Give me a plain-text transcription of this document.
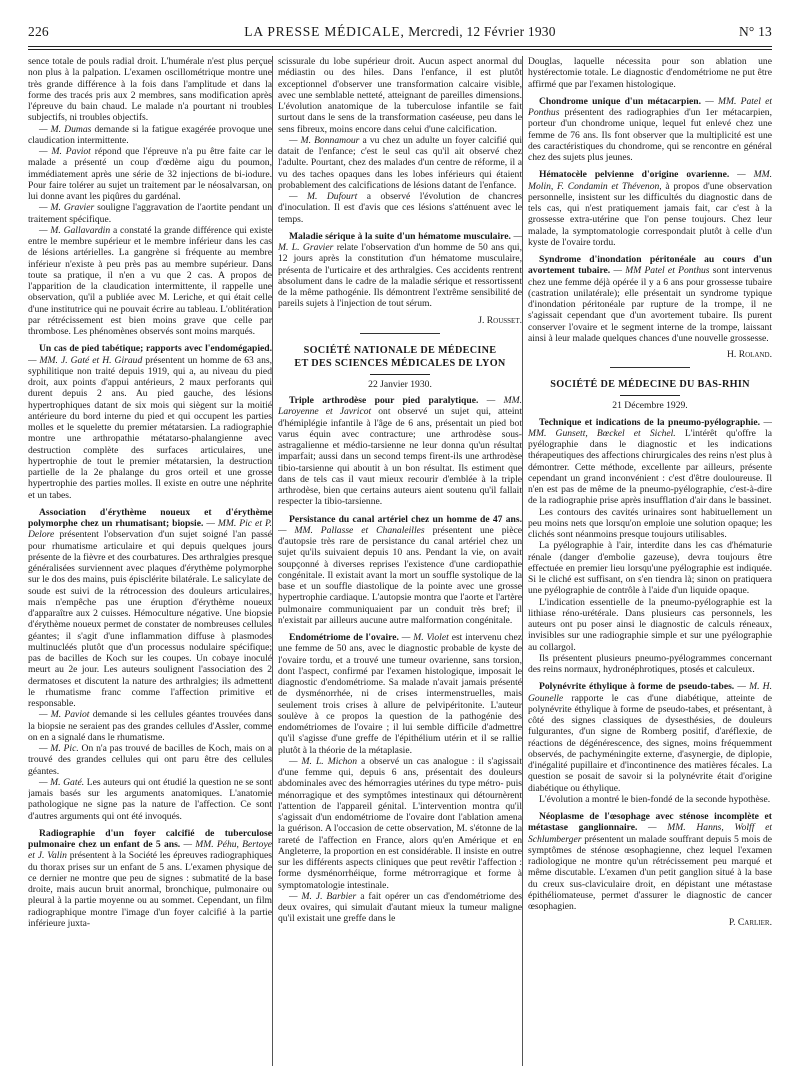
226	LA PRESSE MÉDICALE, Mercredi, 12 Février 1930	N° 13

sence totale de pouls radial droit. L'humérale n'est plus perçue non plus à la palpation. L'examen oscillométrique montre une très grande différence à la fois dans l'amplitude et dans la forme des tracés pris aux 2 membres, sans modification après l'épreuve du bain chaud. Le malade n'a pourtant ni troubles subjectifs, ni troubles objectifs.

— M. Dumas demande si la fatigue exagérée provoque une claudication intermittente.

— M. Paviot répond que l'épreuve n'a pu être faite car le malade a présenté un coup d'œdème aigu du poumon, immédiatement après une série de 32 injections de bi-iodure. Pour faire tolérer au sujet un traitement par le néosalvarsan, on lui donne avant les piqûres du gardénal.

— M. Gravier souligne l'aggravation de l'aortite pendant un traitement spécifique.

— M. Gallavardin a constaté la grande différence qui existe entre le membre supérieur et le membre inférieur dans les cas de lésions artérielles. La gangrène si fréquente au membre inférieur n'existe à peu près pas au membre supérieur. Dans toute sa pratique, il n'en a vu que 2 cas. A propos de l'apparition de la claudication intermittente, il rappelle une observation, qu'il a publiée avec M. Leriche, et qui était celle d'une institutrice qui ne pouvait écrire au tableau. L'oblitération par rétrécissement est bien moins grave que celle par thrombose. Les phénomènes observés sont moins marqués.

Un cas de pied tabétique; rapports avec l'endomégapied. — MM. J. Gaté et H. Giraud présentent un homme de 63 ans, syphilitique non traité depuis 1919, qui a, au niveau du pied droit, aux points d'appui antérieurs, 2 maux perforants qui durent depuis 2 ans. Au pied gauche, des lésions hypertrophiques datant de six mois qui siègent sur la moitié antérieure du bord interne du pied et qui occupent les parties molles et le squelette du premier métatarsien. La radiographie montre une arthropathie métatarso-phalangienne avec destruction complète des surfaces articulaires, une hypertrophie de tout le premier métatarsien, la destruction partielle de la 2e phalange du gros orteil et une grosse hypertrophie des parties molles. Il existe en outre une néphrite et un tabes.

Association d'érythème noueux et d'érythème polymorphe chez un rhumatisant; biopsie. — MM. Pic et P. Delore présentent l'observation d'un sujet soigné l'an passé pour rhumatisme articulaire et qui depuis quelques jours présente de la fièvre et des courbatures. Des arthralgies presque généralisées surviennent avec plaques d'érythème polymorphe sur le dos des mains, puis épisclérite bilatérale. Le salicylate de soude est suivi de la rétrocession des douleurs articulaires, mais n'empêche pas une éruption d'érythème noueux d'apparaître aux 2 cuisses. Hémoculture négative. Une biopsie d'érythème noueux permet de constater de nombreuses cellules géantes; il s'agit d'une inflammation diffuse à plasmodes multinucléés plutôt que d'un processus nodulaire spécifique; pas de bacilles de Koch sur les coupes. Un cobaye inoculé meurt au 2e jour. Les auteurs soulignent l'association des 2 dermatoses et discutent la nature des arthralgies; ils admettent le rhumatisme franc comme l'affection primitive et responsable.

— M. Paviot demande si les cellules géantes trouvées dans la biopsie ne seraient pas des grandes cellules d'Assler, comme on en a signalé dans le rhumatisme.

— M. Pic. On n'a pas trouvé de bacilles de Koch, mais on a trouvé des grandes cellules qui ont paru être des cellules géantes.

— M. Gaté. Les auteurs qui ont étudié la question ne se sont jamais basés sur les arguments anatomiques. L'anatomie pathologique ne signe pas la nature de l'affection. Ce sont d'autres arguments qui ont été invoqués.

Radiographie d'un foyer calcifié de tuberculose pulmonaire chez un enfant de 5 ans. — MM. Péhu, Bertoye et J. Valin présentent à la Société les épreuves radiographiques du thorax prises sur un enfant de 5 ans. L'examen physique de ce dernier ne montre que peu de signes : submatité de la base droite, mais aucun bruit anormal, bronchique, pulmonaire ou pleural à la partie moyenne ou au sommet. Cependant, un film radiographique montre l'image d'un foyer calcifié à la partie inférieure juxta-

scissurale du lobe supérieur droit. Aucun aspect anormal du médiastin ou des hiles. Dans l'enfance, il est plutôt exceptionnel d'observer une transformation calcaire visible, avec une semblable netteté, atteignant de pareilles dimensions. L'évolution anatomique de la tuberculose infantile se fait surtout dans le sens de la transformation caséeuse, peu dans le sens fibreux, moins encore dans celui d'une calcification.

— M. Bonnamour a vu chez un adulte un foyer calcifié qui datait de l'enfance; c'est le seul cas qu'il ait observé chez l'adulte. Pourtant, chez des malades d'un centre de réforme, il a vu des taches opaques dans les lobes inférieurs qui étaient probablement des calcifications de lésions datant de l'enfance.

— M. Dufourt a observé l'évolution de chancres d'inoculation. Il est d'avis que ces lésions s'atténuent avec le temps.

Maladie sérique à la suite d'un hématome musculaire. — M. L. Gravier relate l'observation d'un homme de 50 ans qui, 12 jours après la constitution d'un hématome musculaire, présenta de l'urticaire et des arthralgies. Ces accidents rentrent absolument dans le cadre de la maladie sérique et ressortissent de la même pathogénie. Ils démontrent l'extrême sensibilité de pareils sujets à l'injection de tout sérum.

J. Rousset.

SOCIÉTÉ NATIONALE DE MÉDECINE
ET DES SCIENCES MÉDICALES DE LYON

22 Janvier 1930.

Triple arthrodèse pour pied paralytique. — MM. Laroyenne et Javricot ont observé un sujet qui, atteint d'hémiplégie infantile à l'âge de 6 ans, présentait un pied bot varus équin avec contracture; une arthrodèse sous-astragalienne et médio-tarsienne ne leur donna qu'un résultat imparfait; aussi dans un second temps firent-ils une arthrodèse tibio-tarsienne qui aboutit à un bon résultat. Ils estiment que dans de tels cas il vaut mieux recourir d'emblée à la triple arthrodèse, bien que certains auteurs aient soutenu qu'il fallait respecter la tibio-tarsienne.

Persistance du canal artériel chez un homme de 47 ans. — MM. Pallasse et Chanaleilles présentent une pièce d'autopsie très rare de persistance du canal artériel chez un sujet qu'ils suivaient depuis 10 ans. Pendant la vie, on avait soupçonné à diverses reprises l'existence d'une cardiopathie congénitale. Il existait avant la mort un souffle systolique de la base et un souffle diastolique de la pointe avec une grosse hypertrophie cardiaque. L'autopsie montra que l'aorte et l'artère pulmonaire communiquaient par un conduit très bref; il n'existait par ailleurs aucune autre malformation congénitale.

Endométriome de l'ovaire. — M. Violet est intervenu chez une femme de 50 ans, avec le diagnostic probable de kyste de l'ovaire tordu, et a trouvé une tumeur ovarienne, sans torsion, dont l'aspect, confirmé par l'examen histologique, imposait le diagnostic d'endométriome. Sa malade n'avait jamais présenté de dysménorrhée, ni de crises intermenstruelles, mais seulement trois crises à allure de pelvipéritonite. L'auteur soulève à ce propos la question de la pathogénie des endométriomes de l'ovaire ; il lui semble difficile d'admettre qu'il s'agisse d'une greffe de l'épithélium utérin et il se rallie plutôt à la théorie de la métaplasie.

— M. L. Michon a observé un cas analogue : il s'agissait d'une femme qui, depuis 6 ans, présentait des douleurs abdominales avec des hémorragies utérines du type métro- puis ménorragique et des symptômes intestinaux qui détournèrent l'attention de l'appareil génital. L'intervention montra qu'il s'agissait d'un endométriome de l'ovaire dont l'ablation amena la guérison. A l'occasion de cette observation, M. s'étonne de la rareté de l'affection en France, alors qu'en Amérique et en Angleterre, la proportion en est considérable. Il insiste en outre sur les différents aspects cliniques que peut revêtir l'affection : forme dysménorrhéique, forme métrorragique et forme à symptomatologie intestinale.

— M. J. Barbier a fait opérer un cas d'endométriome des deux ovaires, qui simulait d'autant mieux la tumeur maligne qu'il existait une greffe dans le

Douglas, laquelle nécessita pour son ablation une hystérectomie totale. Le diagnostic d'endométriome ne put être affirmé que par l'examen histologique.

Chondrome unique d'un métacarpien. — MM. Patel et Ponthus présentent des radiographies d'un 1er métacarpien, porteur d'un chondrome unique, lequel fut enlevé chez une femme de 76 ans. Ils font observer que la multiplicité est une des caractéristiques du chondrome, qui se rencontre en général chez des sujets plus jeunes.

Hématocèle pelvienne d'origine ovarienne. — MM. Molin, F. Condamin et Thévenon, à propos d'une observation personnelle, insistent sur les difficultés du diagnostic dans de tels cas, qui n'est pratiquement jamais fait, car c'est à la grossesse extra-utérine que l'on pense toujours. Chez leur malade, la symptomatologie correspondait plutôt à celle d'un kyste de l'ovaire tordu.

Syndrome d'inondation péritonéale au cours d'un avortement tubaire. — MM Patel et Ponthus sont intervenus chez une femme déjà opérée il y a 6 ans pour grossesse tubaire (castration unilatérale); elle présentait un syndrome typique d'inondation péritonéale par rupture de la trompe, il ne s'agissait cependant que d'un avortement tubaire. Ils purent conserver l'ovaire et le segment interne de la trompe, laissant ainsi à leur malade quelques chances d'une nouvelle grossesse.

H. Roland.

SOCIÉTÉ DE MÉDECINE DU BAS-RHIN

21 Décembre 1929.

Technique et indications de la pneumo-pyélographie. — MM. Gunsett, Bœckel et Sichel. L'intérêt qu'offre la pyélographie dans le diagnostic et les indications thérapeutiques des affections chirurgicales des reins n'est plus à démontrer. Cette méthode, excellente par ailleurs, présente cependant un grand inconvénient : c'est d'être douloureuse. Il n'en est pas de même de la pneumo-pyélographie, c'est-à-dire de la radiographie prise après insufflation d'air dans le bassinet.

Les contours des cavités urinaires sont habituellement un peu moins nets que lorsqu'on emploie une solution opaque; les clichés sont néanmoins presque toujours utilisables.

La pyélographie à l'air, interdite dans les cas d'hématurie rénale (danger d'embolie gazeuse), devra toujours être effectuée en premier lieu lorsqu'une pyélographie est indiquée. Si le cliché est suffisant, on s'en tiendra là; sinon on pratiquera une pyélographie de contrôle à l'aide d'un liquide opaque.

L'indication essentielle de la pneumo-pyélographie est la lithiase réno-urétérale. Dans plusieurs cas personnels, les auteurs ont pu poser ainsi le diagnostic de calculs réneaux, invisibles sur une radiographie simple et sur une pyélographie au collargol.

Ils présentent plusieurs pneumo-pyélogrammes concernant des reins normaux, hydronéphrotiques, ptosés et calculeux.

Polynévrite éthylique à forme de pseudo-tabes. — M. H. Gounelle rapporte le cas d'une diabétique, atteinte de polynévrite éthylique à forme de pseudo-tabes, et présentant, à côté des signes classiques de dysesthésies, de douleurs fulgurantes, d'un signe de Romberg positif, d'aréflexie, de réactions de dégénérescence, des signes, moins fréquemment observés, de pachyméningite externe, d'asynergie, de diplopie, d'inégalité pupillaire et d'incontinence des matières fécales. La question se posait de savoir si la polynévrite était d'origine diabétique ou éthylique.

L'évolution a montré le bien-fondé de la seconde hypothèse.

Néoplasme de l'œsophage avec sténose incomplète et métastase ganglionnaire. — MM. Hanns, Wolff et Schlumberger présentent un malade souffrant depuis 5 mois de symptômes de sténose œsophagienne, chez lequel l'examen radiologique ne montre qu'un rétrécissement peu marqué et même discutable. L'examen d'un petit ganglion situé à la base du creux sus-claviculaire droit, en dépistant une métastase épithéliomateuse, permet d'assurer le diagnostic de cancer œsophagien.

P. Carlier.
